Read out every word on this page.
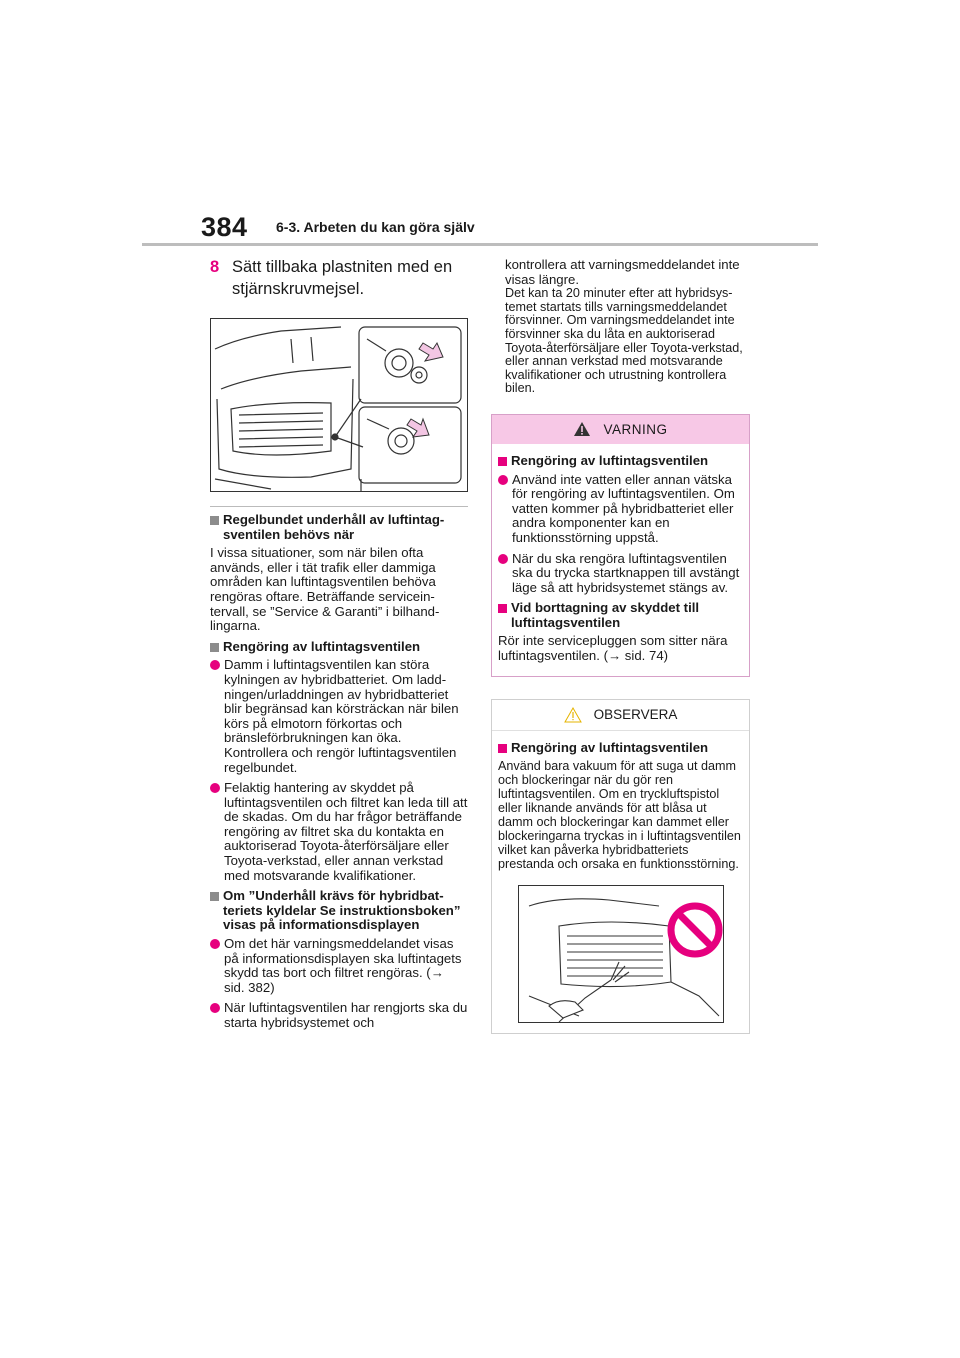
384 6-3. Arbeten du kan göra själv
8 Sätt tillbaka plastniten med en stjärnskruvmejsel.
Regelbundet underhåll av luftintagsventilen behövs när

I vissa situationer, som när bilen ofta används, eller i tät trafik eller dammiga områden kan luftintagsventilen behöva rengöras oftare. Beträffande serviceintervall, se ”Service & Garanti” i bilhandlingarna.

Rengöring av luftintagsventilen
Damm i luftintagsventilen kan störa kylningen av hybridbatteriet. Om laddningen/urladdningen av hybridbatteriet blir begränsad kan körsträckan när bilen körs på elmotorn förkortas och bränsleförbrukningen kan öka. Kontrollera och rengör luftintagsventilen regelbundet.
Felaktig hantering av skyddet på luftintagsventilen och filtret kan leda till att de skadas. Om du har frågor beträffande rengöring av filtret ska du kontakta en auktoriserad Toyota-återförsäljare eller Toyota-verkstad, eller annan verkstad med motsvarande kvalifikationer.
Om ”Underhåll krävs för hybridbatteriets kyldelar Se instruktionsboken” visas på informationsdisplayen
Om det här varningsmeddelandet visas på informationsdisplayen ska luftintagets skydd tas bort och filtret rengöras. (→ sid. 382)
När luftintagsventilen har rengjorts ska du starta hybridsystemet och

kontrollera att varningsmeddelandet inte visas längre.

Det kan ta 20 minuter efter att hybridsystemet startats tills varningsmeddelandet försvinner. Om varningsmeddelandet inte försvinner ska du låta en auktoriserad Toyota-återförsäljare eller Toyota-verkstad, eller annan verkstad med motsvarande kvalifikationer och utrustning kontrollera bilen.

VARNING
Rengöring av luftintagsventilen
Använd inte vatten eller annan vätska för rengöring av luftintagsventilen. Om vatten kommer på hybridbatteriet eller andra komponenter kan en funktionsstörning uppstå.
När du ska rengöra luftintagsventilen ska du trycka startknappen till avstängt läge så att hybridsystemet stängs av.
Vid borttagning av skyddet till luftintagsventilen

Rör inte servicepluggen som sitter nära luftintagsventilen. (→ sid. 74)

OBSERVERA
Rengöring av luftintagsventilen

Använd bara vakuum för att suga ut damm och blockeringar när du gör ren luftintagsventilen. Om en tryckluftspistol eller liknande används för att blåsa ut damm och blockeringar kan dammet eller blockeringarna tryckas in i luftintagsventilen vilket kan påverka hybridbatteriets prestanda och orsaka en funktionsstörning.
